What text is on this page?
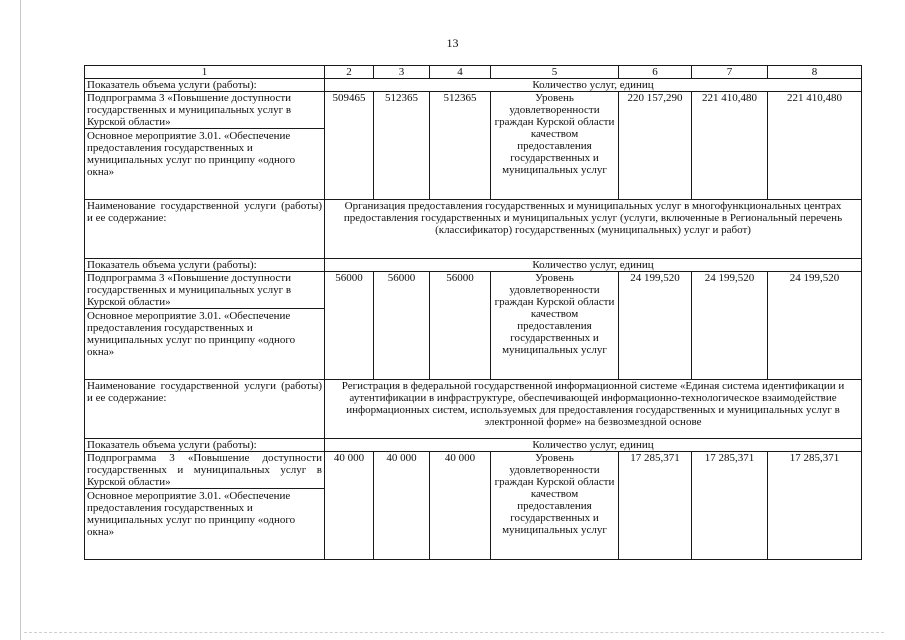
13
1	2	3	4	5	6	7	8
Показатель объема услуги (работы):	Количество услуг, единиц						

Подпрограмма 3 «Повышение доступности государственных и муниципальных услуг в Курской области»
Основное мероприятие 3.01. «Обеспечение предоставления государственных и муниципальных услуг по принципу «одного окна»	509465	512365	512365	Уровень удовлетворенности граждан Курской области качеством предоставления государственных и муниципальных услуг	220 157,290	221 410,480	221 410,480
Наименование государственной услуги (работы) и ее содержание:	Организация предоставления государственных и муниципальных услуг в многофункциональных центрах предоставления государственных и муниципальных услуг (услуги, включенные в Региональный перечень (классификатор) государственных (муниципальных) услуг и работ)						
Показатель объема услуги (работы):	Количество услуг, единиц						

Подпрограмма 3 «Повышение доступности государственных и муниципальных услуг в Курской области»
Основное мероприятие 3.01. «Обеспечение предоставления государственных и муниципальных услуг по принципу «одного окна»	56000	56000	56000	Уровень удовлетворенности граждан Курской области качеством предоставления государственных и муниципальных услуг	24 199,520	24 199,520	24 199,520
Наименование государственной услуги (работы) и ее содержание:	Регистрация в федеральной государственной информационной системе «Единая система идентификации и аутентификации в инфраструктуре, обеспечивающей информационно-технологическое взаимодействие информационных систем, используемых для предоставления государственных и муниципальных услуг в электронной форме» на безвозмездной основе						
Показатель объема услуги (работы):	Количество услуг, единиц						

Подпрограмма 3 «Повышение доступности государственных и муниципальных услуг в Курской области»
Основное мероприятие 3.01. «Обеспечение предоставления государственных и муниципальных услуг по принципу «одного окна»	40 000	40 000	40 000	Уровень удовлетворенности граждан Курской области качеством предоставления государственных и муниципальных услуг	17 285,371	17 285,371	17 285,371
